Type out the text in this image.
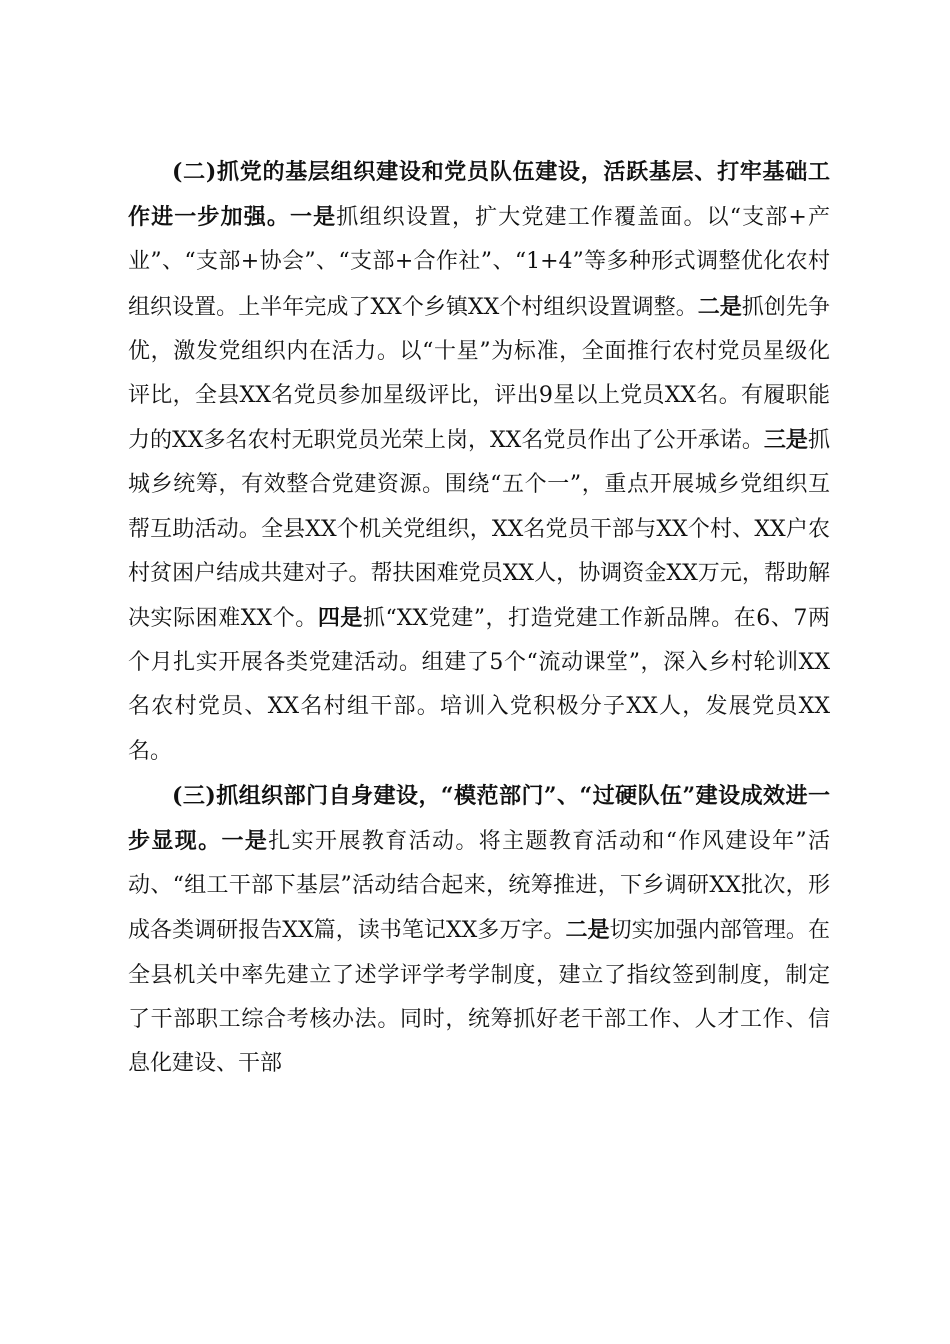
(二)抓党的基层组织建设和党员队伍建设，活跃基层、打牢基础工作进一步加强。一是抓组织设置，扩大党建工作覆盖面。以“支部+产业”、“支部+协会”、“支部+合作社”、“1+4”等多种形式调整优化农村组织设置。上半年完成了XX个乡镇XX个村组织设置调整。二是抓创先争优，激发党组织内在活力。以“十星”为标准，全面推行农村党员星级化评比，全县XX名党员参加星级评比，评出9星以上党员XX名。有履职能力的XX多名农村无职党员光荣上岗，XX名党员作出了公开承诺。三是抓城乡统筹，有效整合党建资源。围绕“五个一”，重点开展城乡党组织互帮互助活动。全县XX个机关党组织，XX名党员干部与XX个村、XX户农村贫困户结成共建对子。帮扶困难党员XX人，协调资金XX万元，帮助解决实际困难XX个。四是抓“XX党建”，打造党建工作新品牌。在6、7两个月扎实开展各类党建活动。组建了5个“流动课堂”，深入乡村轮训XX名农村党员、XX名村组干部。培训入党积极分子XX人，发展党员XX名。

(三)抓组织部门自身建设，“模范部门”、“过硬队伍”建设成效进一步显现。一是扎实开展教育活动。将主题教育活动和“作风建设年”活动、“组工干部下基层”活动结合起来，统筹推进，下乡调研XX批次，形成各类调研报告XX篇，读书笔记XX多万字。二是切实加强内部管理。在全县机关中率先建立了述学评学考学制度，建立了指纹签到制度，制定了干部职工综合考核办法。同时，统筹抓好老干部工作、人才工作、信息化建设、干部
